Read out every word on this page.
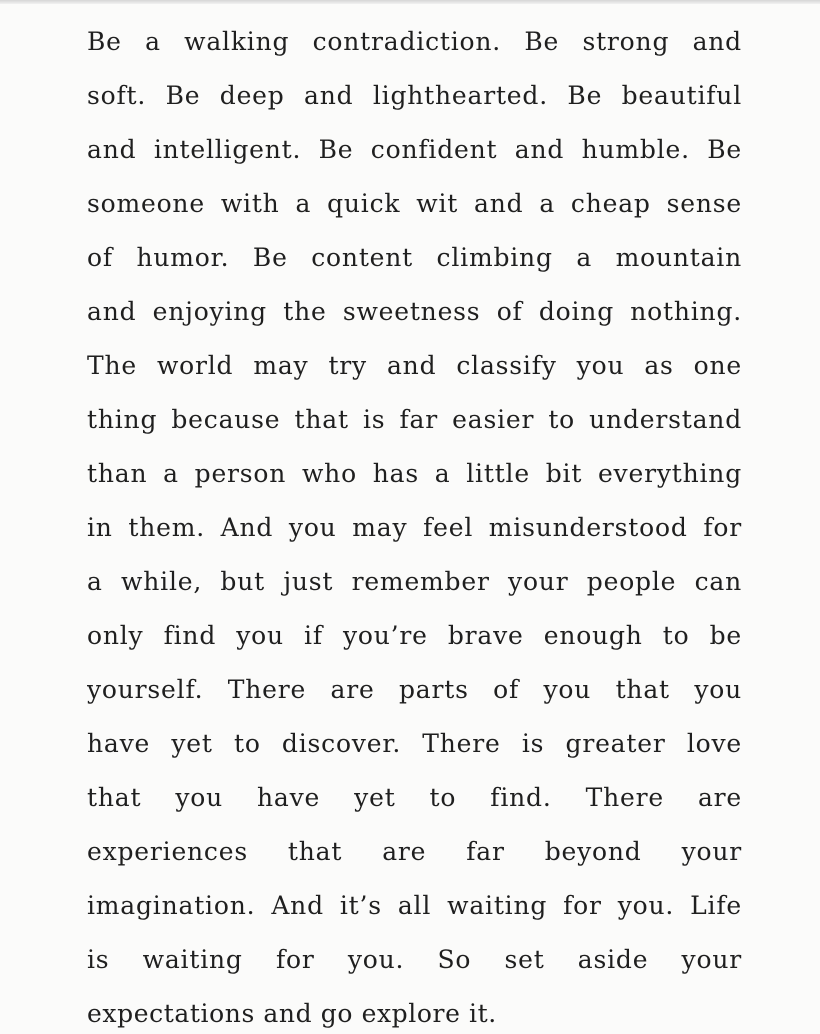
Be a walking contradiction. Be strong and
soft. Be deep and lighthearted. Be beautiful
and intelligent. Be confident and humble. Be
someone with a quick wit and a cheap sense
of humor. Be content climbing a mountain
and enjoying the sweetness of doing nothing.
The world may try and classify you as one
thing because that is far easier to understand
than a person who has a little bit everything
in them. And you may feel misunderstood for
a while, but just remember your people can
only find you if you’re brave enough to be
yourself. There are parts of you that you
have yet to discover. There is greater love
that you have yet to find. There are
experiences that are far beyond your
imagination. And it’s all waiting for you. Life
is waiting for you. So set aside your
expectations and go explore it.
